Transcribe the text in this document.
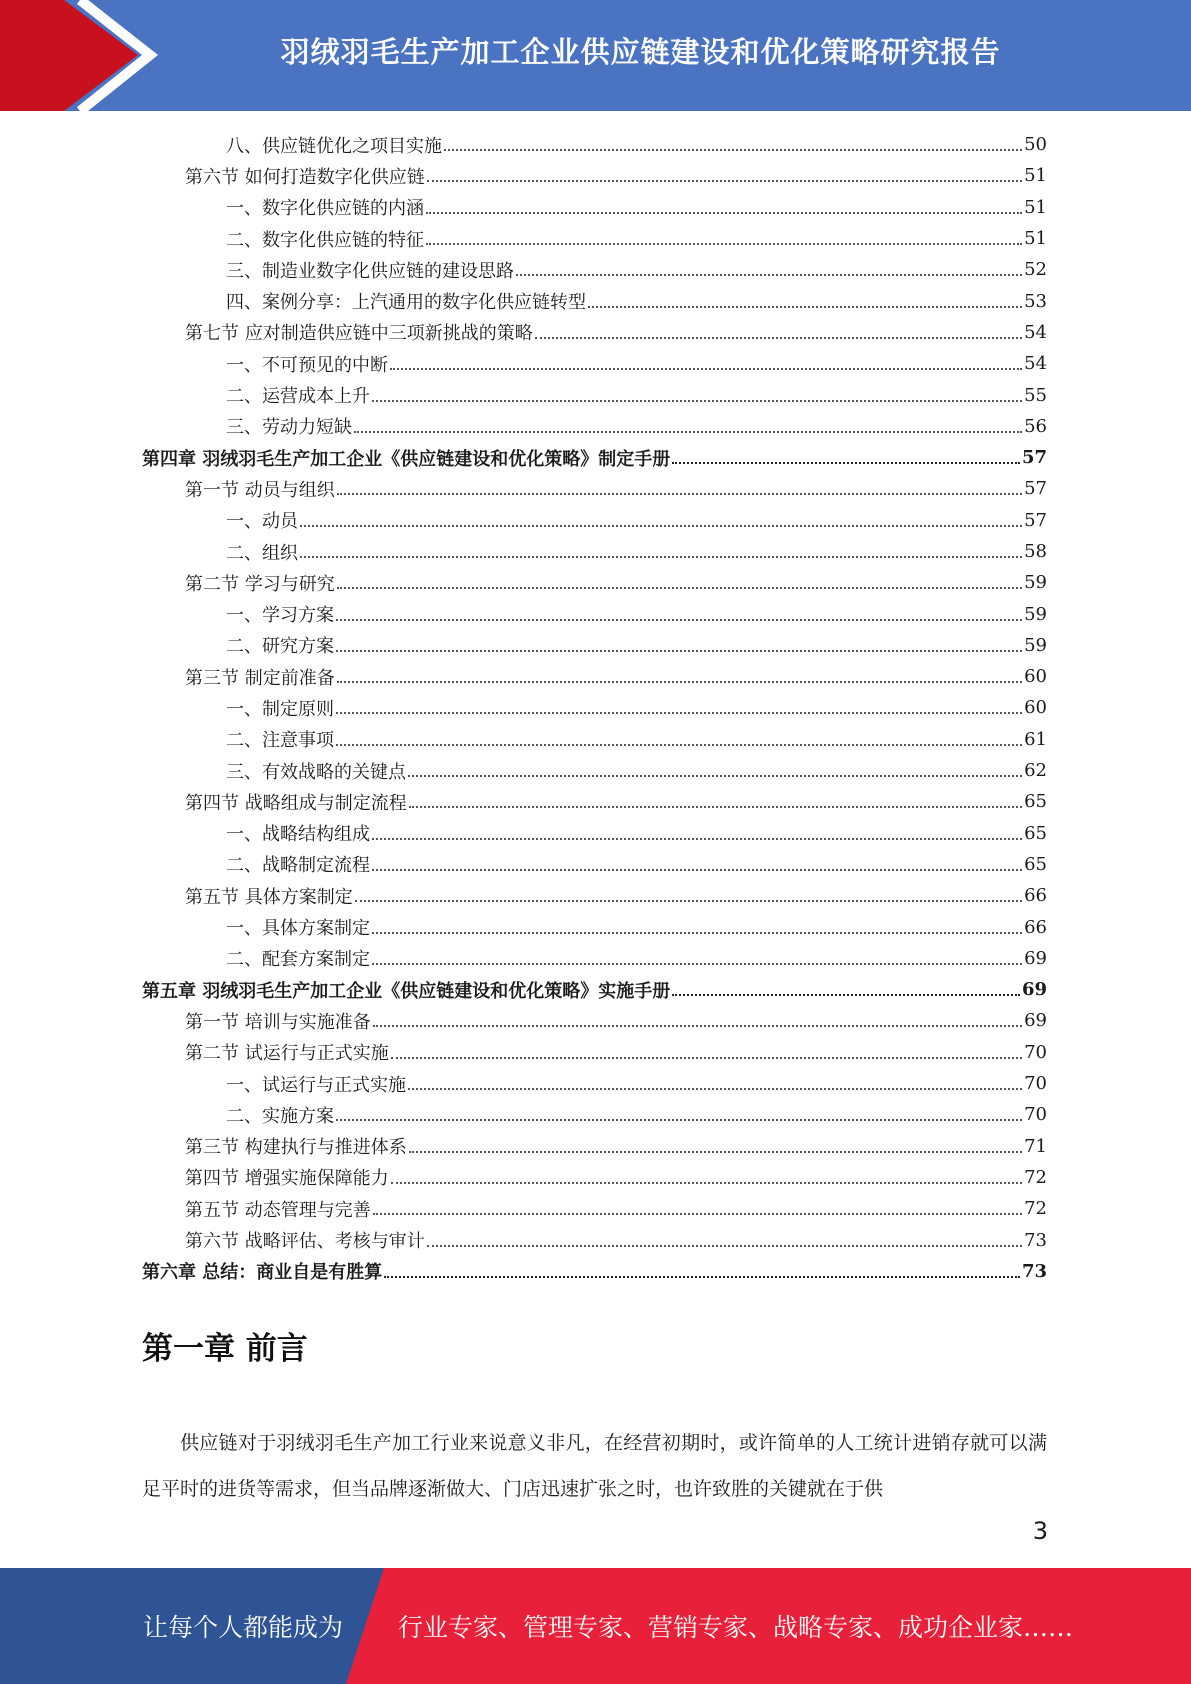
羽绒羽毛生产加工企业供应链建设和优化策略研究报告
八、供应链优化之项目实施	50
第六节 如何打造数字化供应链	51
一、数字化供应链的内涵	51
二、数字化供应链的特征	51
三、制造业数字化供应链的建设思路	52
四、案例分享：上汽通用的数字化供应链转型	53
第七节 应对制造供应链中三项新挑战的策略	54
一、不可预见的中断	54
二、运营成本上升	55
三、劳动力短缺	56
第四章 羽绒羽毛生产加工企业《供应链建设和优化策略》制定手册	57
第一节 动员与组织	57
一、动员	57
二、组织	58
第二节 学习与研究	59
一、学习方案	59
二、研究方案	59
第三节 制定前准备	60
一、制定原则	60
二、注意事项	61
三、有效战略的关键点	62
第四节 战略组成与制定流程	65
一、战略结构组成	65
二、战略制定流程	65
第五节 具体方案制定	66
一、具体方案制定	66
二、配套方案制定	69
第五章 羽绒羽毛生产加工企业《供应链建设和优化策略》实施手册	69
第一节 培训与实施准备	69
第二节 试运行与正式实施	70
一、试运行与正式实施	70
二、实施方案	70
第三节 构建执行与推进体系	71
第四节 增强实施保障能力	72
第五节 动态管理与完善	72
第六节 战略评估、考核与审计	73
第六章 总结：商业自是有胜算	73
第一章 前言
供应链对于羽绒羽毛生产加工行业来说意义非凡，在经营初期时，或许简单的人工统计进销存就可以满足平时的进货等需求，但当品牌逐渐做大、门店迅速扩张之时，也许致胜的关键就在于供
3
让每个人都能成为 行业专家、管理专家、营销专家、战略专家、成功企业家……
